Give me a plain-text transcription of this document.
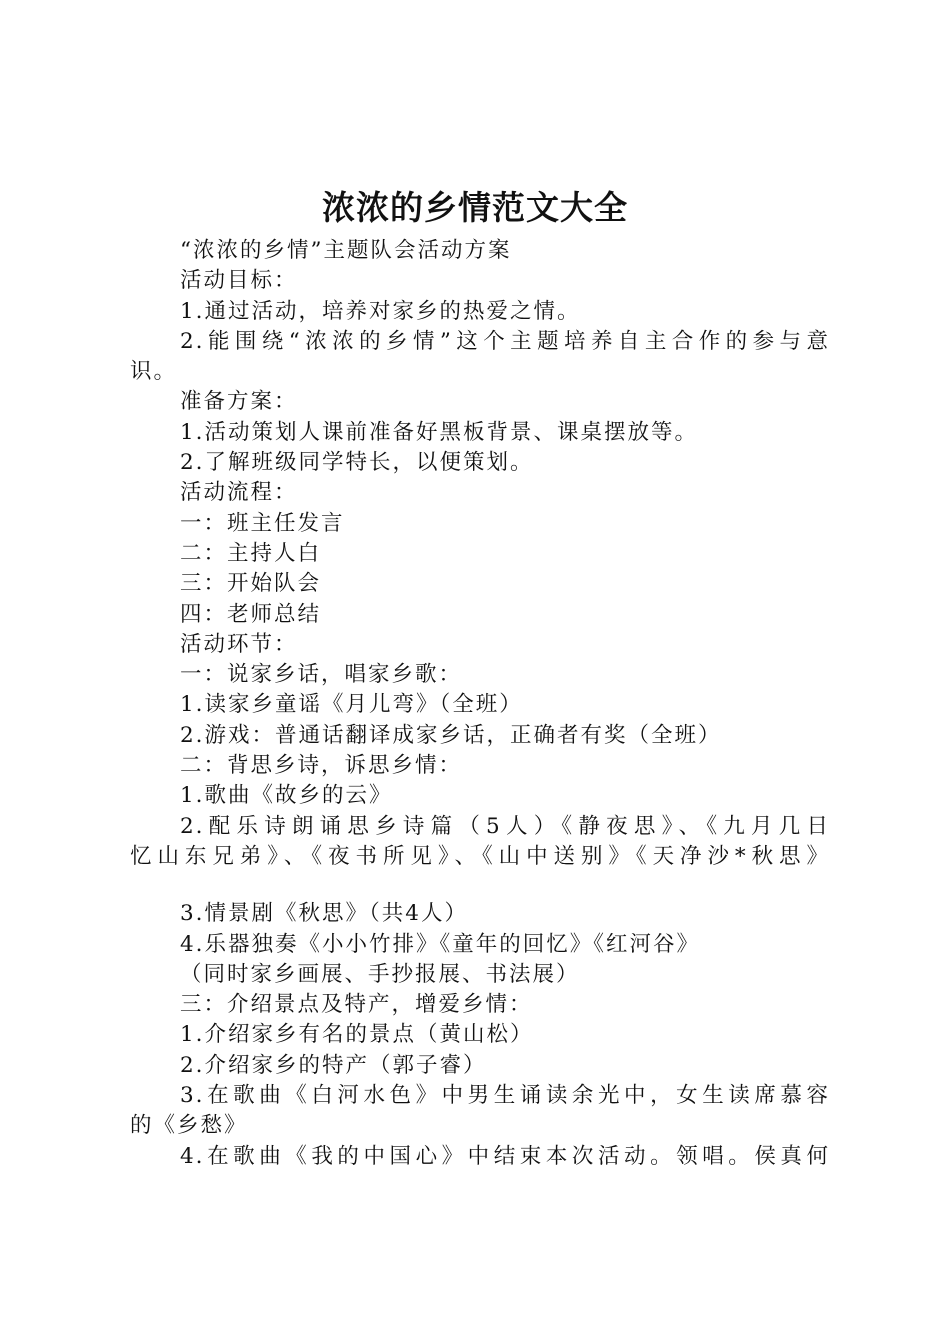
浓浓的乡情范文大全
“浓浓的乡情”主题队会活动方案
活动目标：
1.通过活动，培养对家乡的热爱之情。
2.能围绕“浓浓的乡情”这个主题培养自主合作的参与意
识。
准备方案：
1.活动策划人课前准备好黑板背景、课桌摆放等。
2.了解班级同学特长，以便策划。
活动流程：
一：班主任发言
二：主持人白
三：开始队会
四：老师总结
活动环节：
一：说家乡话，唱家乡歌：
1.读家乡童谣《月儿弯》（全班）
2.游戏：普通话翻译成家乡话，正确者有奖（全班）
二：背思乡诗，诉思乡情：
1.歌曲《故乡的云》
2.配乐诗朗诵思乡诗篇（5人）《静夜思》、《九月几日
忆山东兄弟》、《夜书所见》、《山中送别》《天净沙*秋思》
3.情景剧《秋思》（共4人）
4.乐器独奏《小小竹排》《童年的回忆》《红河谷》
（同时家乡画展、手抄报展、书法展）
三：介绍景点及特产，增爱乡情：
1.介绍家乡有名的景点（黄山松）
2.介绍家乡的特产（郭子睿）
3.在歌曲《白河水色》中男生诵读余光中，女生读席慕容
的《乡愁》
4.在歌曲《我的中国心》中结束本次活动。领唱。侯真何
